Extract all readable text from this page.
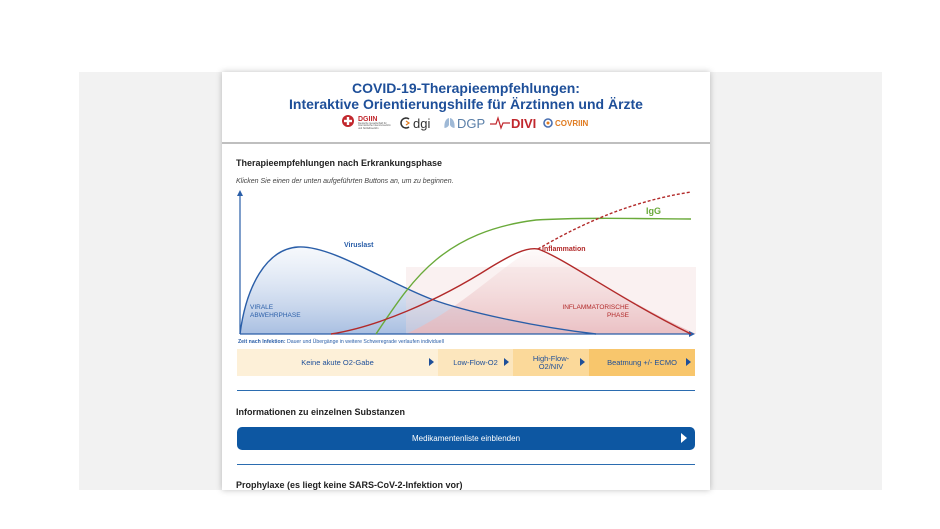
COVID-19-Therapieempfehlungen:
Interaktive Orientierungshilfe für Ärztinnen und Ärzte
DGIIN
Deutsche Gesellschaft für Internistische Intensivmedizin und Notfallmedizin	dgi DGP DIVI COVRIIN
Therapieempfehlungen nach Erkrankungsphase
Klicken Sie einen der unten aufgeführten Buttons an, um zu beginnen.
Viruslast
IgG
Inflammation
VIRALE
ABWEHRPHASE
INFLAMMATORISCHE
PHASE
Zeit nach Infektion: Dauer und Übergänge in weitere Schweregrade verlaufen individuell
Keine akute O2-Gabe	Low-Flow-O2	High-Flow-
O2/NIV	Beatmung +/- ECMO
Informationen zu einzelnen Substanzen
Medikamentenliste einblenden
Prophylaxe (es liegt keine SARS-CoV-2-Infektion vor)
